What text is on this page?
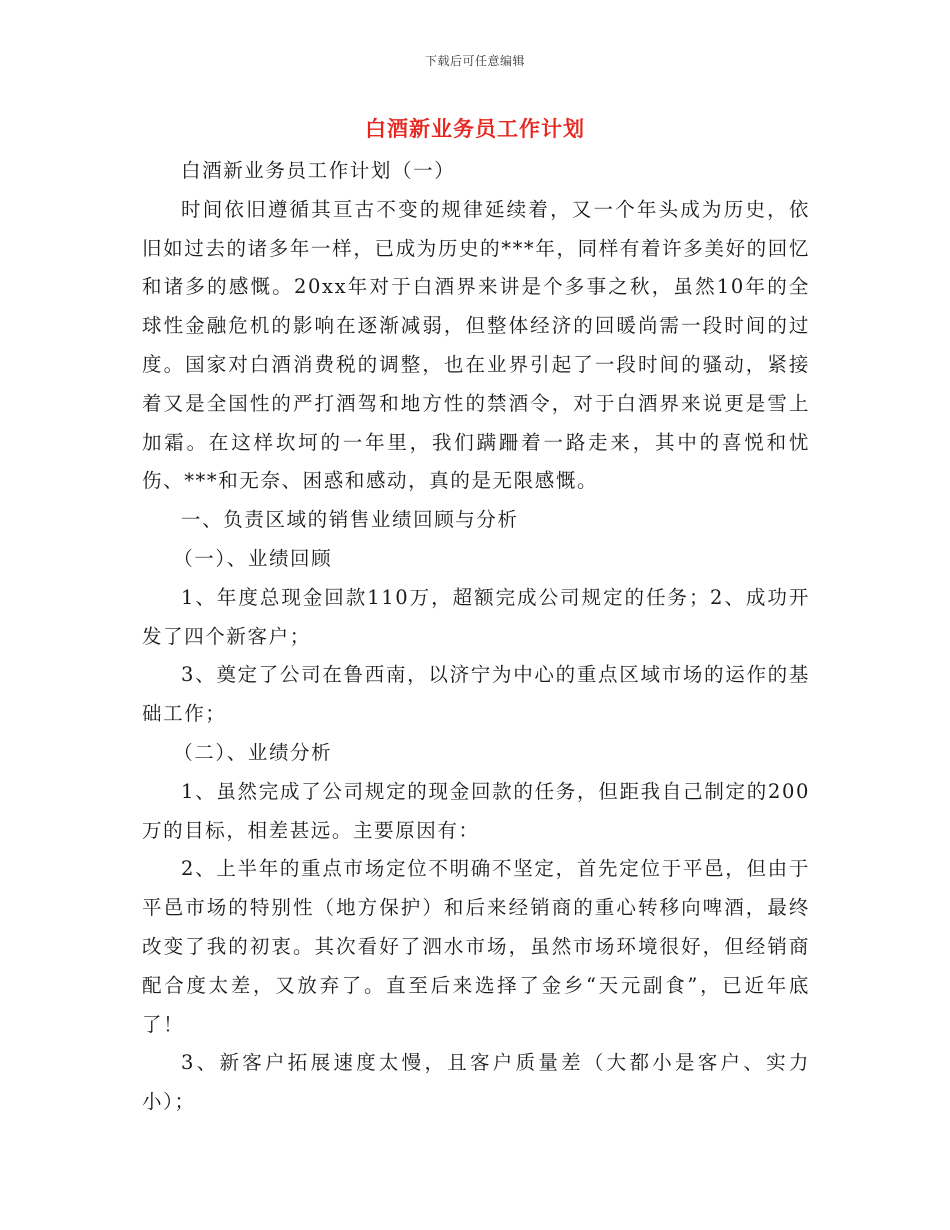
下载后可任意编辑
白酒新业务员工作计划

白酒新业务员工作计划（一）

时间依旧遵循其亘古不变的规律延续着，又一个年头成为历史，依旧如过去的诸多年一样，已成为历史的***年，同样有着许多美好的回忆和诸多的感慨。20xx年对于白酒界来讲是个多事之秋，虽然10年的全球性金融危机的影响在逐渐减弱，但整体经济的回暖尚需一段时间的过度。国家对白酒消费税的调整，也在业界引起了一段时间的骚动，紧接着又是全国性的严打酒驾和地方性的禁酒令，对于白酒界来说更是雪上加霜。在这样坎坷的一年里，我们蹒跚着一路走来，其中的喜悦和忧伤、***和无奈、困惑和感动，真的是无限感慨。

一、负责区域的销售业绩回顾与分析

（一）、业绩回顾

1、年度总现金回款110万，超额完成公司规定的任务；2、成功开发了四个新客户；

3、奠定了公司在鲁西南，以济宁为中心的重点区域市场的运作的基础工作；

（二）、业绩分析

1、虽然完成了公司规定的现金回款的任务，但距我自己制定的200万的目标，相差甚远。主要原因有：

2、上半年的重点市场定位不明确不坚定，首先定位于平邑，但由于平邑市场的特别性（地方保护）和后来经销商的重心转移向啤酒，最终改变了我的初衷。其次看好了泗水市场，虽然市场环境很好，但经销商配合度太差，又放弃了。直至后来选择了金乡“天元副食”，已近年底了！

3、新客户拓展速度太慢，且客户质量差（大都小是客户、实力小）；
